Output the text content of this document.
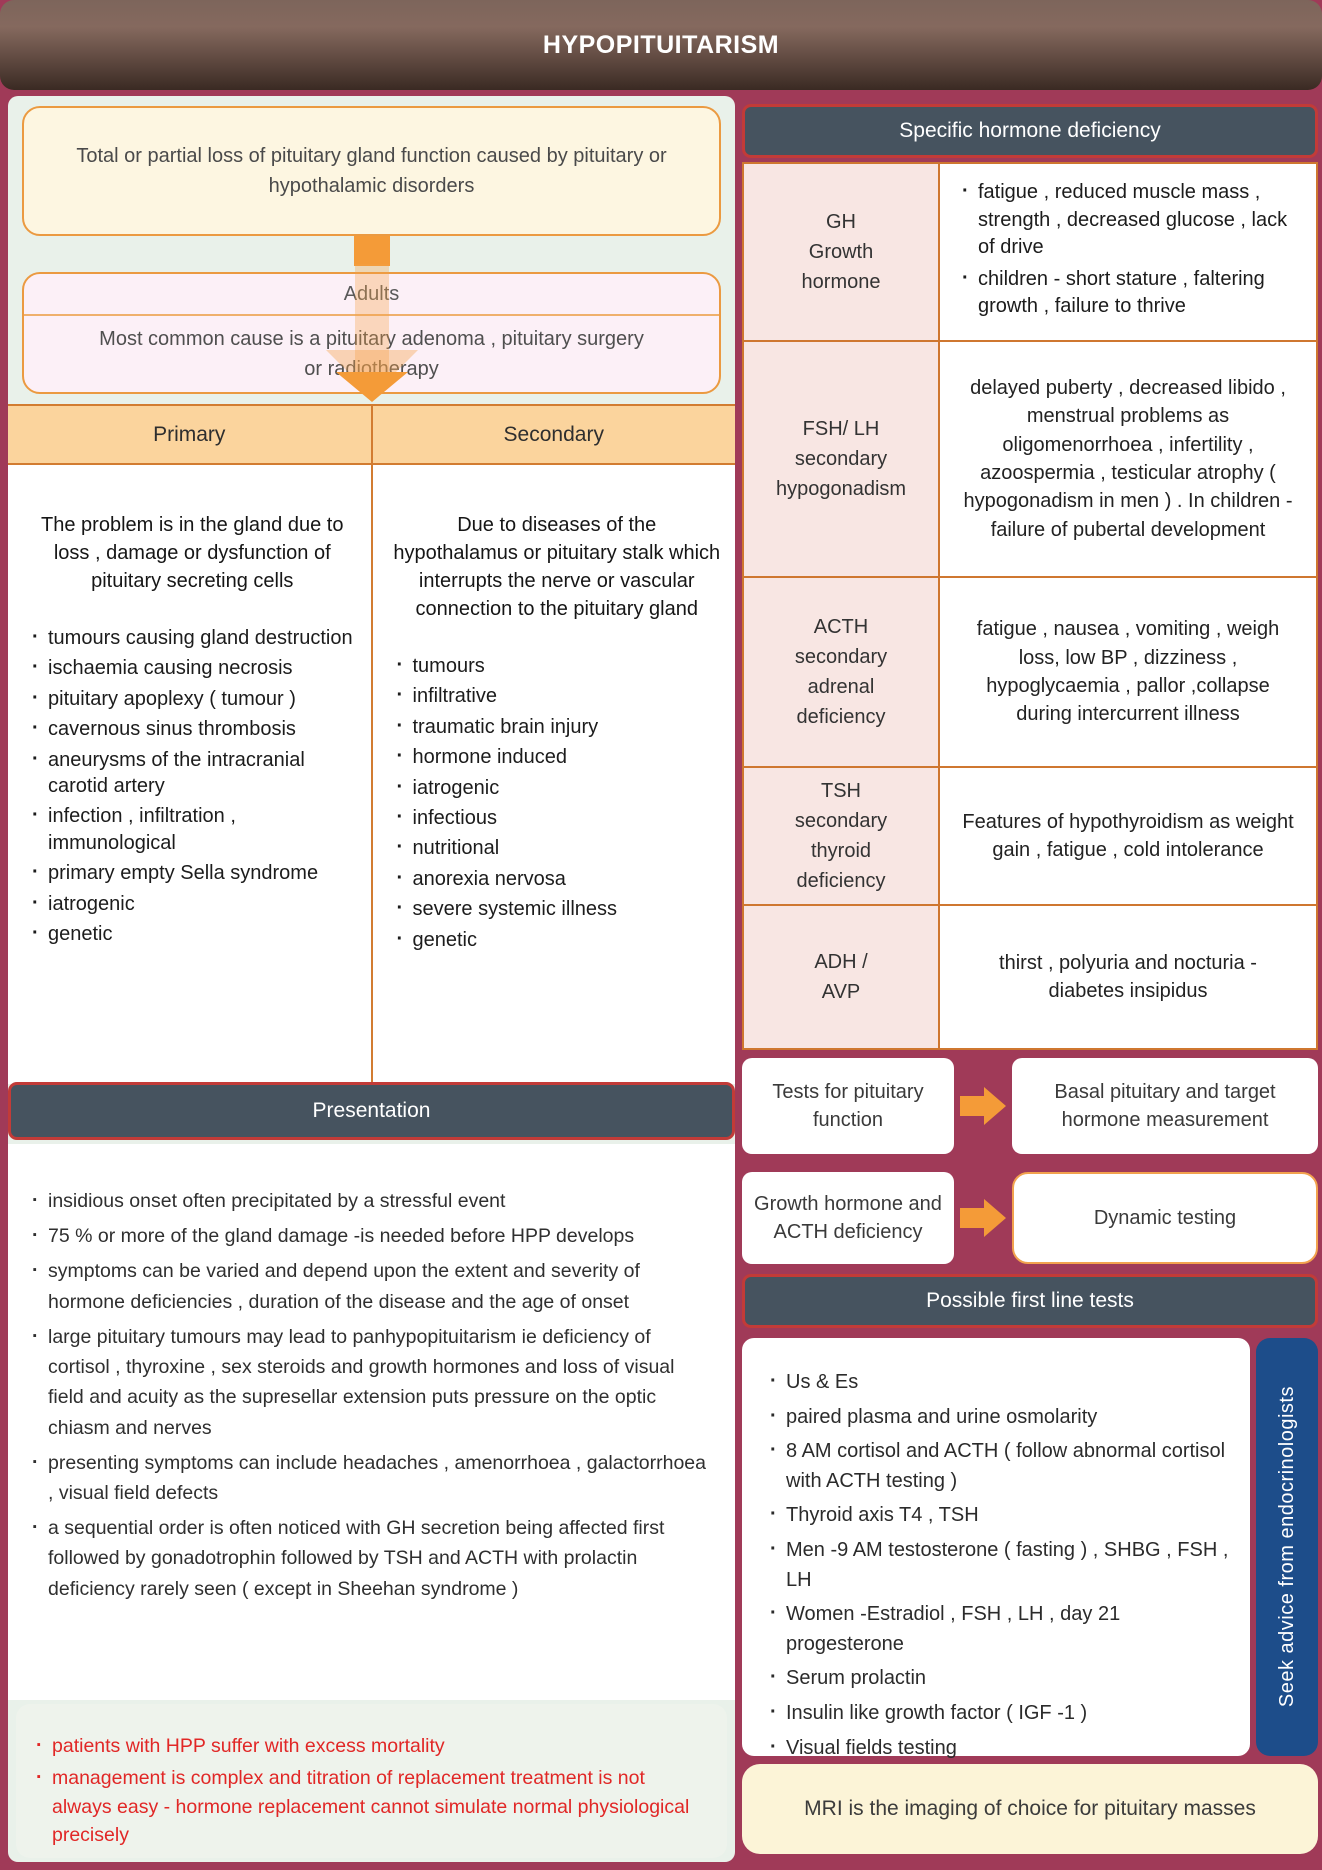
HYPOPITUITARISM
Total or partial loss of pituitary gland function caused by pituitary or hypothalamic disorders
Adults
Most common cause is a pituitary adenoma , pituitary surgery or radiotherapy
Primary	Secondary
The problem is in the gland due to loss , damage or dysfunction of pituitary secreting cells
· tumours causing gland destruction
· ischaemia causing necrosis
· pituitary apoplexy ( tumour )
· cavernous sinus thrombosis
· aneurysms of the intracranial carotid artery
· infection , infiltration , immunological
· primary empty Sella syndrome
· iatrogenic
· genetic
Due to diseases of the hypothalamus or pituitary stalk which interrupts the nerve or vascular connection to the pituitary gland
· tumours
· infiltrative
· traumatic brain injury
· hormone induced
· iatrogenic
· infectious
· nutritional
· anorexia nervosa
· severe systemic illness
· genetic
Presentation
· insidious onset often precipitated by a stressful event
· 75 % or more of the gland damage -is needed before HPP develops
· symptoms can be varied and depend upon the extent and severity of hormone deficiencies , duration of the disease and the age of onset
· large pituitary tumours may lead to panhypopituitarism ie deficiency of cortisol , thyroxine , sex steroids and growth hormones and loss of visual field and acuity as the supresellar extension puts pressure on the optic chiasm and nerves
· presenting symptoms can include headaches , amenorrhoea , galactorrhoea , visual field defects
· a sequential order is often noticed with GH secretion being affected first followed by gonadotrophin followed by TSH and ACTH with prolactin deficiency rarely seen ( except in Sheehan syndrome )
· patients with HPP suffer with excess mortality
· management is complex and titration of replacement treatment is not always easy - hormone replacement cannot simulate normal physiological precisely
Specific hormone deficiency
GH
Growth
hormone
· fatigue , reduced muscle mass , strength , decreased glucose , lack of drive
· children - short stature , faltering growth , failure to thrive
FSH/ LH
secondary
hypogonadism
delayed puberty , decreased libido , menstrual problems as oligomenorrhoea , infertility , azoospermia , testicular atrophy ( hypogonadism in men ) . In children - failure of pubertal development
ACTH
secondary
adrenal
deficiency
fatigue , nausea , vomiting , weigh loss, low BP , dizziness , hypoglycaemia , pallor ,collapse during intercurrent illness
TSH
secondary
thyroid
deficiency
Features of hypothyroidism as weight gain , fatigue , cold intolerance
ADH /
AVP
thirst , polyuria and nocturia - diabetes insipidus
Tests for pituitary function
Basal pituitary and target hormone measurement
Growth hormone and ACTH deficiency
Dynamic testing
Possible first line tests
· Us & Es
· paired plasma and urine osmolarity
· 8 AM cortisol and ACTH ( follow abnormal cortisol with ACTH testing )
· Thyroid axis T4 , TSH
· Men -9 AM testosterone ( fasting ) , SHBG , FSH , LH
· Women -Estradiol , FSH , LH , day 21 progesterone
· Serum prolactin
· Insulin like growth factor ( IGF -1 )
· Visual fields testing
Seek advice from endocrinologists
MRI is the imaging of choice for pituitary masses
